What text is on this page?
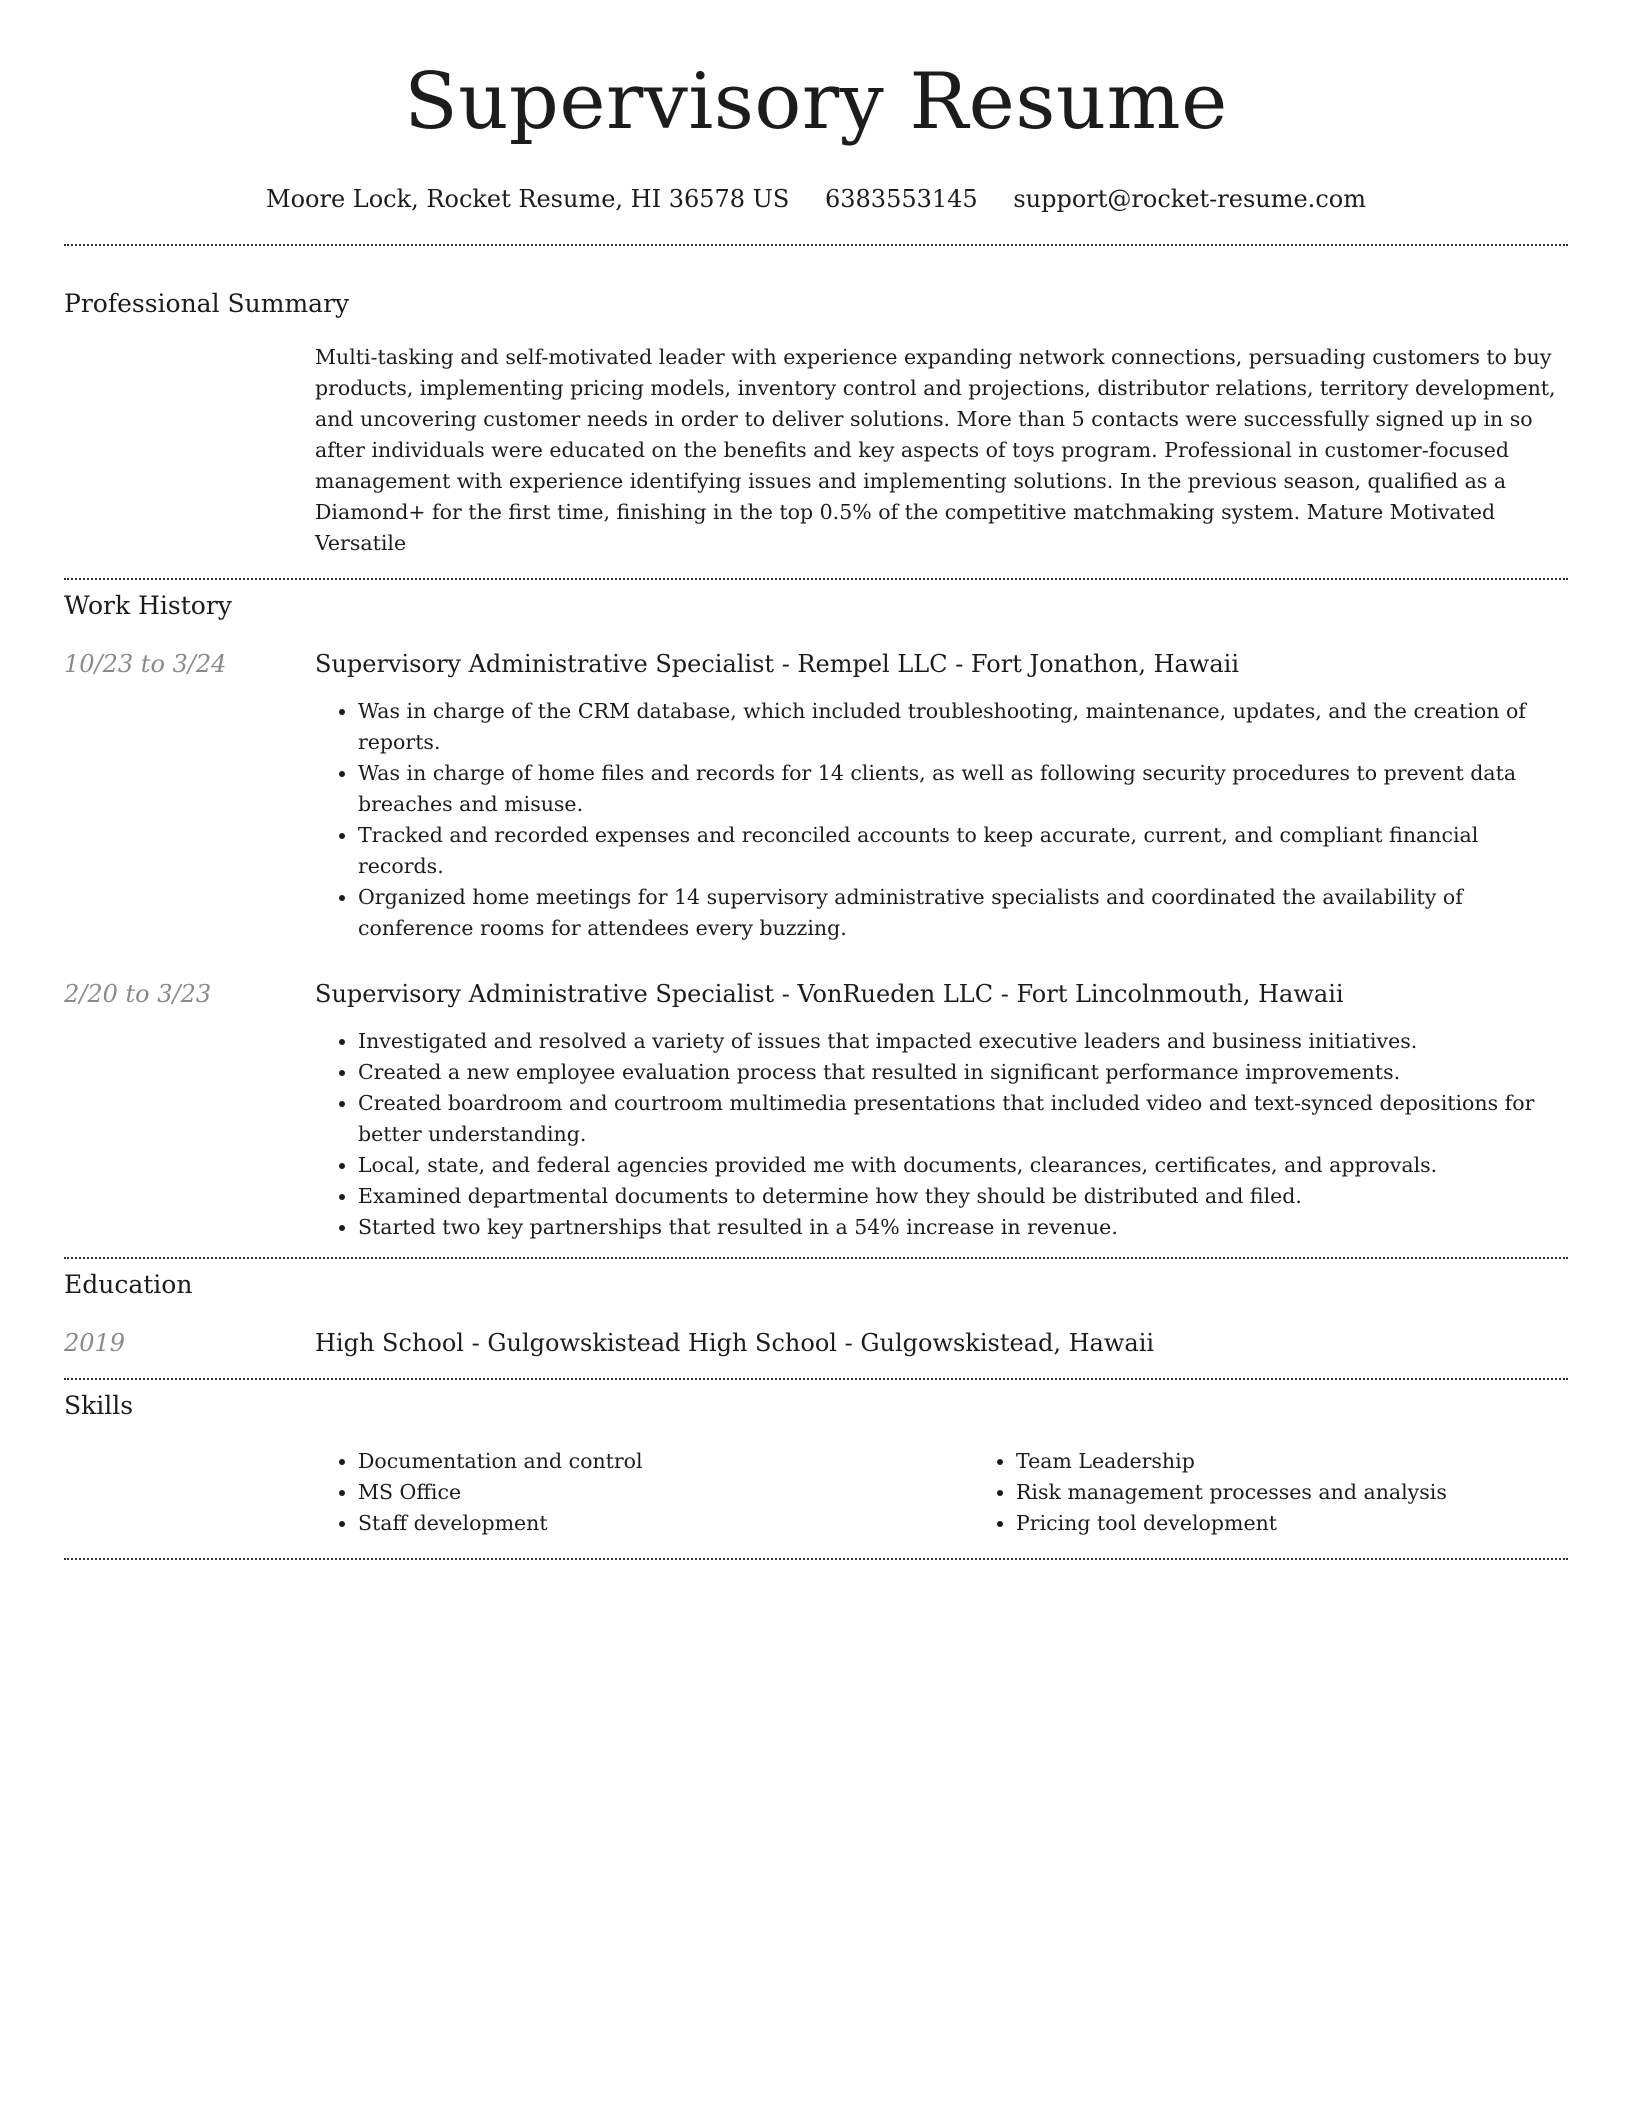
Supervisory Resume
Moore Lock, Rocket Resume, HI 36578 US 6383553145 support@rocket-resume.com
Professional Summary

Multi-tasking and self-motivated leader with experience expanding network connections, persuading customers to buy products, implementing pricing models, inventory control and projections, distributor relations, territory development, and uncovering customer needs in order to deliver solutions. More than 5 contacts were successfully signed up in so after individuals were educated on the benefits and key aspects of toys program. Professional in customer-focused management with experience identifying issues and implementing solutions. In the previous season, qualified as a Diamond+ for the first time, finishing in the top 0.5% of the competitive matchmaking system. Mature Motivated Versatile

Work History
10/23 to 3/24	Supervisory Administrative Specialist - Rempel LLC - Fort Jonathon, Hawaii
• Was in charge of the CRM database, which included troubleshooting, maintenance, updates, and the creation of reports.
• Was in charge of home files and records for 14 clients, as well as following security procedures to prevent data breaches and misuse.
• Tracked and recorded expenses and reconciled accounts to keep accurate, current, and compliant financial records.
• Organized home meetings for 14 supervisory administrative specialists and coordinated the availability of conference rooms for attendees every buzzing.
2/20 to 3/23	Supervisory Administrative Specialist - VonRueden LLC - Fort Lincolnmouth, Hawaii
• Investigated and resolved a variety of issues that impacted executive leaders and business initiatives.
• Created a new employee evaluation process that resulted in significant performance improvements.
• Created boardroom and courtroom multimedia presentations that included video and text-synced depositions for better understanding.
• Local, state, and federal agencies provided me with documents, clearances, certificates, and approvals.
• Examined departmental documents to determine how they should be distributed and filed.
• Started two key partnerships that resulted in a 54% increase in revenue.
Education
2019	High School - Gulgowskistead High School - Gulgowskistead, Hawaii
Skills
• Documentation and control
• MS Office
• Staff development
• Team Leadership
• Risk management processes and analysis
• Pricing tool development
